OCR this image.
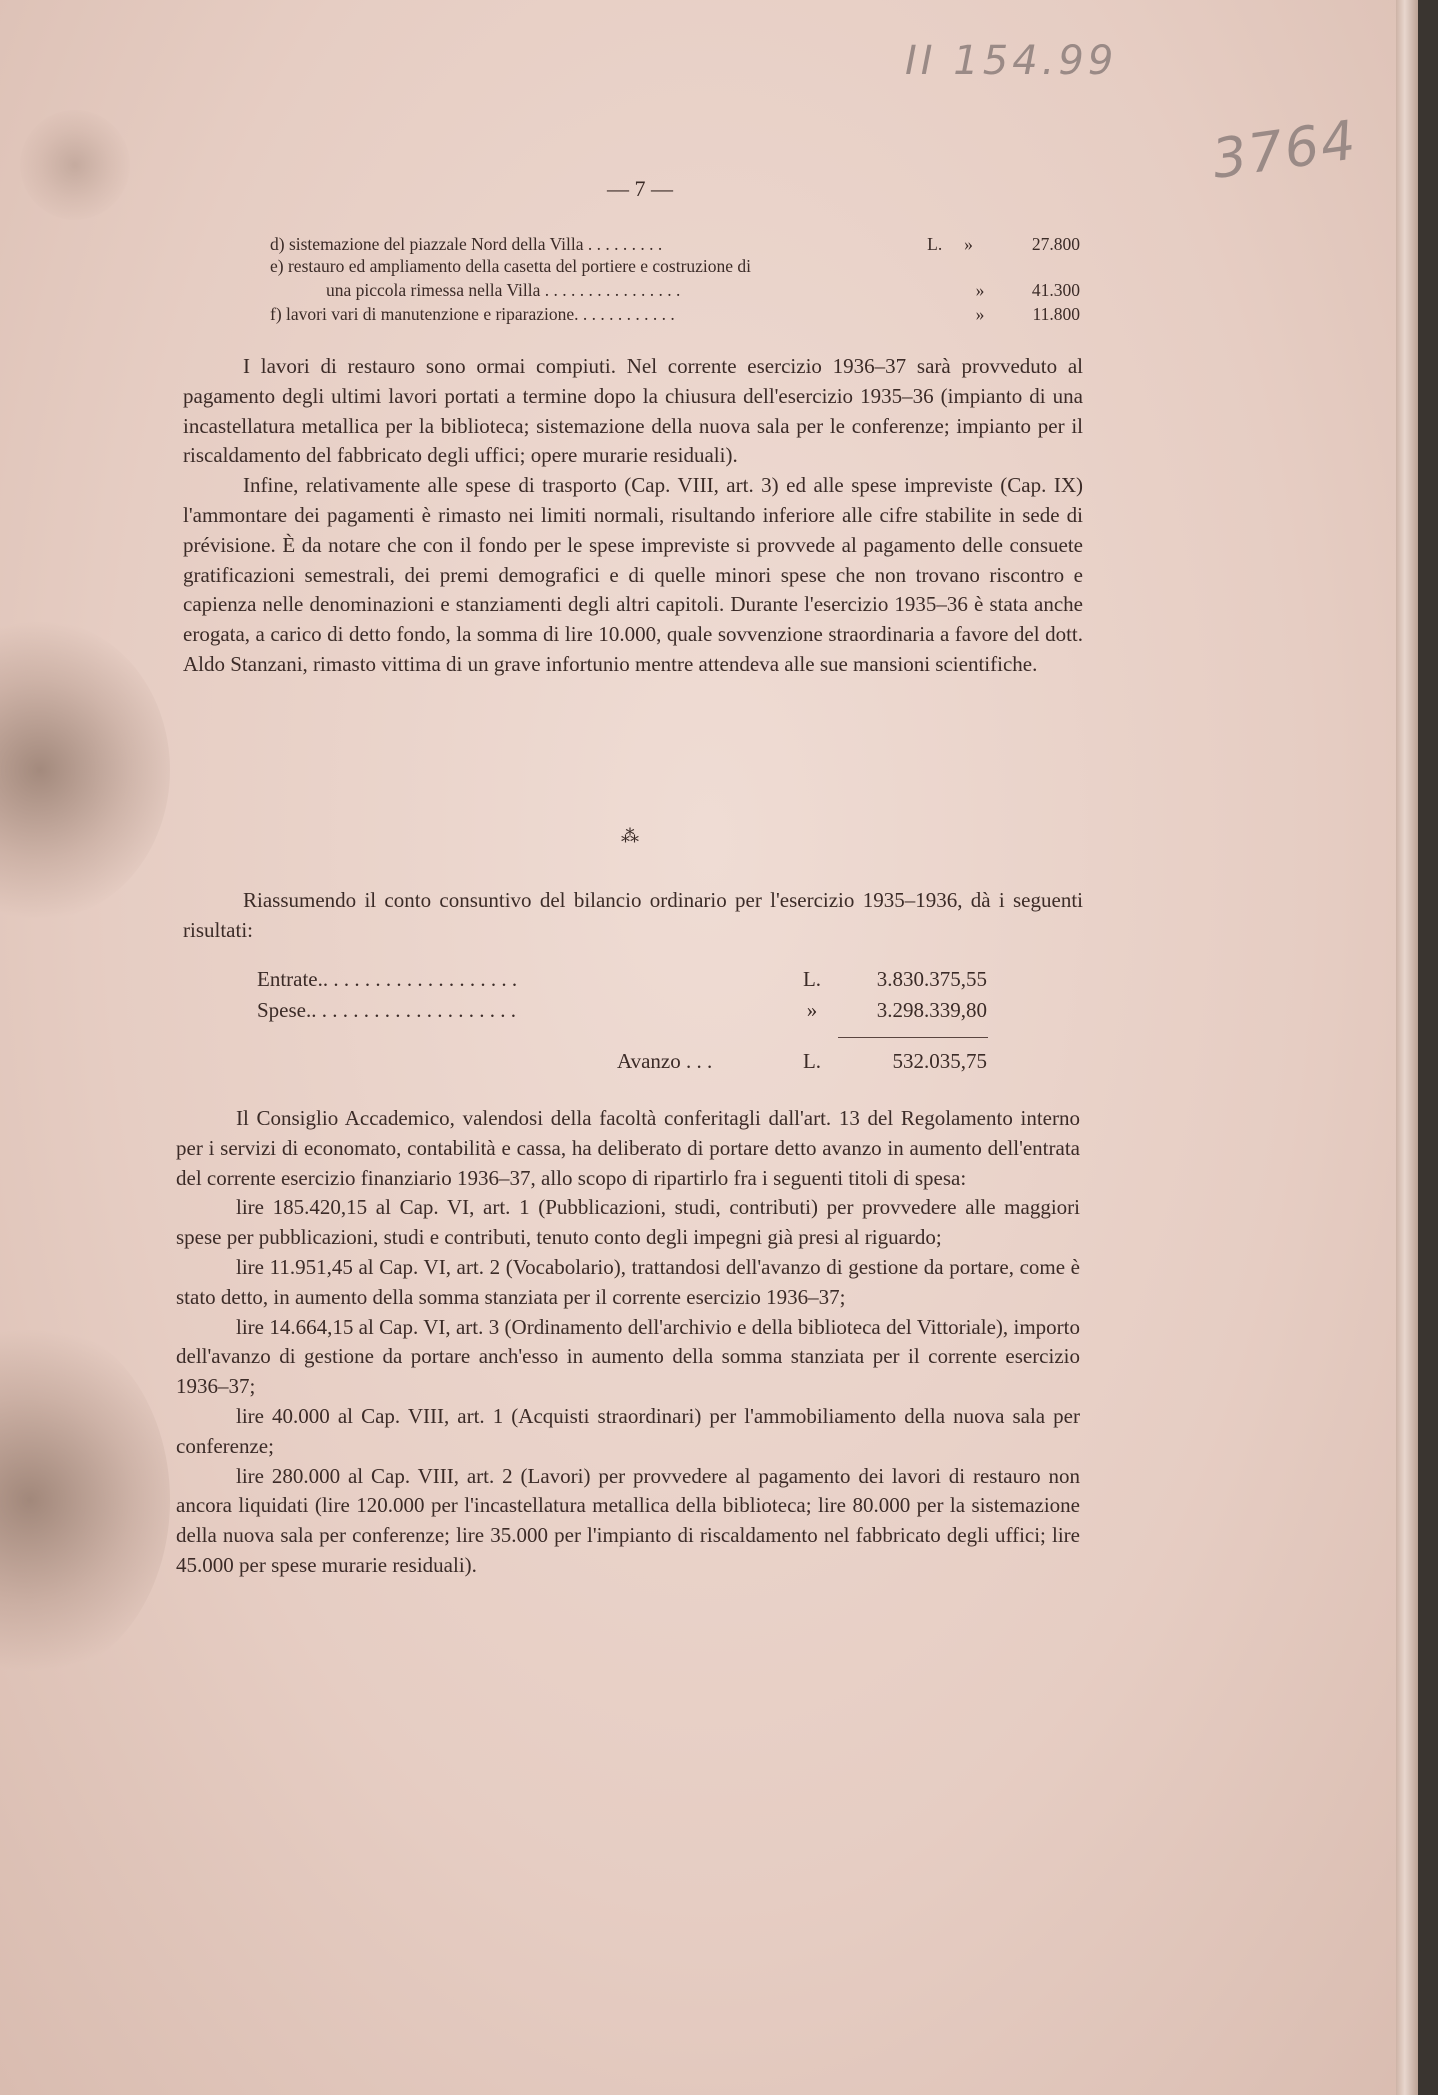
II 154.99
3764
— 7 —
d) sistemazione del piazzale Nord della Villa . . . . . . . . .	L. »	27.800
e) restauro ed ampliamento della casetta del portiere e costruzione di
una piccola rimessa nella Villa . . . . . . . . . . . . . . . .	»	41.300
f) lavori vari di manutenzione e riparazione. . . . . . . . . . . .	»	11.800

I lavori di restauro sono ormai compiuti. Nel corrente esercizio 1936–37 sarà provveduto al pagamento degli ultimi lavori portati a termine dopo la chiusura dell'esercizio 1935–36 (impianto di una incastellatura metallica per la biblioteca; sistemazione della nuova sala per le conferenze; impianto per il riscaldamento del fabbricato degli uffici; opere murarie residuali).

Infine, relativamente alle spese di trasporto (Cap. VIII, art. 3) ed alle spese impreviste (Cap. IX) l'ammontare dei pagamenti è rimasto nei limiti normali, risultando inferiore alle cifre stabilite in sede di prévisione. È da notare che con il fondo per le spese impreviste si provvede al pagamento delle consuete gratificazioni semestrali, dei premi demografici e di quelle minori spese che non trovano riscontro e capienza nelle denominazioni e stanziamenti degli altri capitoli. Durante l'esercizio 1935–36 è stata anche erogata, a carico di detto fondo, la somma di lire 10.000, quale sovvenzione straordinaria a favore del dott. Aldo Stanzani, rimasto vittima di un grave infortunio mentre attendeva alle sue mansioni scientifiche.

⁂

Riassumendo il conto consuntivo del bilancio ordinario per l'esercizio 1935–1936, dà i seguenti risultati:

Entrate.. . . . . . . . . . . . . . . . . . .	L.	3.830.375,55
Spese.. . . . . . . . . . . . . . . . . . . .	»	3.298.339,80
Avanzo . . .	L.	532.035,75

Il Consiglio Accademico, valendosi della facoltà conferitagli dall'art. 13 del Regolamento interno per i servizi di economato, contabilità e cassa, ha deliberato di portare detto avanzo in aumento dell'entrata del corrente esercizio finanziario 1936–37, allo scopo di ripartirlo fra i seguenti titoli di spesa:

lire 185.420,15 al Cap. VI, art. 1 (Pubblicazioni, studi, contributi) per provvedere alle maggiori spese per pubblicazioni, studi e contributi, tenuto conto degli impegni già presi al riguardo;

lire 11.951,45 al Cap. VI, art. 2 (Vocabolario), trattandosi dell'avanzo di gestione da portare, come è stato detto, in aumento della somma stanziata per il corrente esercizio 1936–37;

lire 14.664,15 al Cap. VI, art. 3 (Ordinamento dell'archivio e della biblioteca del Vittoriale), importo dell'avanzo di gestione da portare anch'esso in aumento della somma stanziata per il corrente esercizio 1936–37;

lire 40.000 al Cap. VIII, art. 1 (Acquisti straordinari) per l'ammobiliamento della nuova sala per conferenze;

lire 280.000 al Cap. VIII, art. 2 (Lavori) per provvedere al pagamento dei lavori di restauro non ancora liquidati (lire 120.000 per l'incastellatura metallica della biblioteca; lire 80.000 per la sistemazione della nuova sala per conferenze; lire 35.000 per l'impianto di riscaldamento nel fabbricato degli uffici; lire 45.000 per spese murarie residuali).
